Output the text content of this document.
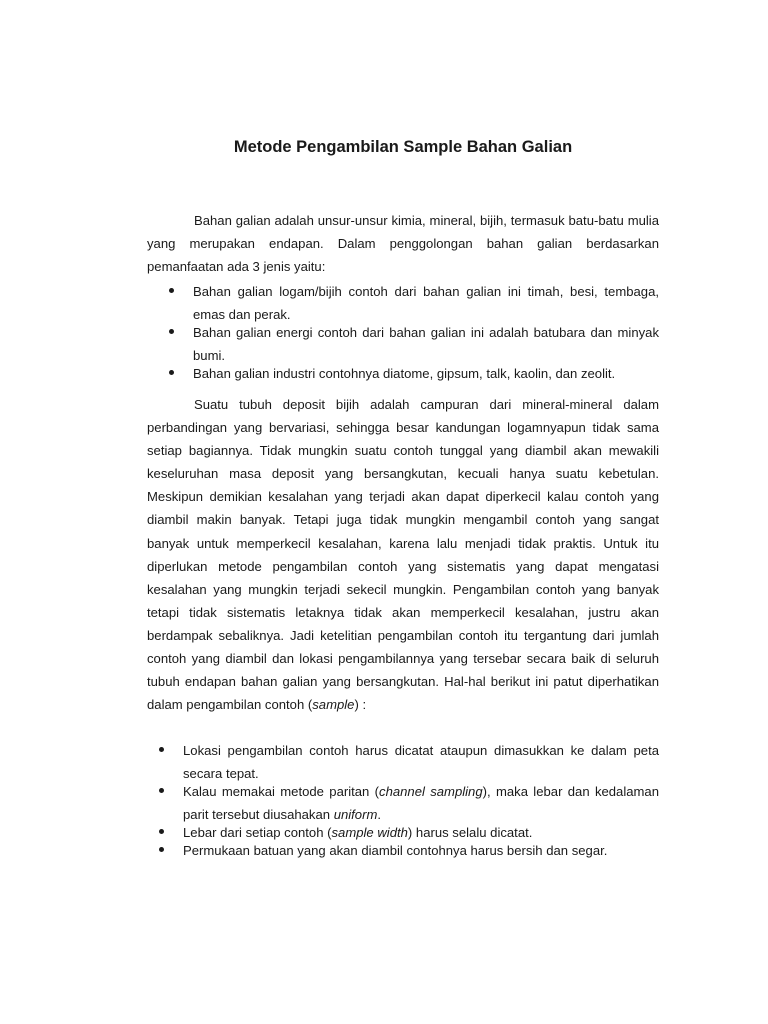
Metode Pengambilan Sample Bahan Galian

Bahan galian adalah unsur-unsur kimia, mineral, bijih, termasuk batu-batu mulia yang merupakan endapan. Dalam penggolongan bahan galian berdasarkan pemanfaatan ada 3 jenis yaitu:

Bahan galian logam/bijih contoh dari bahan galian ini timah, besi, tembaga, emas dan perak.
Bahan galian energi contoh dari bahan galian ini adalah batubara dan minyak bumi.
Bahan galian industri contohnya diatome, gipsum, talk, kaolin, dan zeolit.

Suatu tubuh deposit bijih adalah campuran dari mineral-mineral dalam perbandingan yang bervariasi, sehingga besar kandungan logamnyapun tidak sama setiap bagiannya. Tidak mungkin suatu contoh tunggal yang diambil akan mewakili keseluruhan masa deposit yang bersangkutan, kecuali hanya suatu kebetulan. Meskipun demikian kesalahan yang terjadi akan dapat diperkecil kalau contoh yang diambil makin banyak. Tetapi juga tidak mungkin mengambil contoh yang sangat banyak untuk memperkecil kesalahan, karena lalu menjadi tidak praktis. Untuk itu diperlukan metode pengambilan contoh yang sistematis yang dapat mengatasi kesalahan yang mungkin terjadi sekecil mungkin. Pengambilan contoh yang banyak tetapi tidak sistematis letaknya tidak akan memperkecil kesalahan, justru akan berdampak sebaliknya. Jadi ketelitian pengambilan contoh itu tergantung dari jumlah contoh yang diambil dan lokasi pengambilannya yang tersebar secara baik di seluruh tubuh endapan bahan galian yang bersangkutan. Hal-hal berikut ini patut diperhatikan dalam pengambilan contoh (sample) :

Lokasi pengambilan contoh harus dicatat ataupun dimasukkan ke dalam peta secara tepat.
Kalau memakai metode paritan (channel sampling), maka lebar dan kedalaman parit tersebut diusahakan uniform.
Lebar dari setiap contoh (sample width) harus selalu dicatat.
Permukaan batuan yang akan diambil contohnya harus bersih dan segar.
